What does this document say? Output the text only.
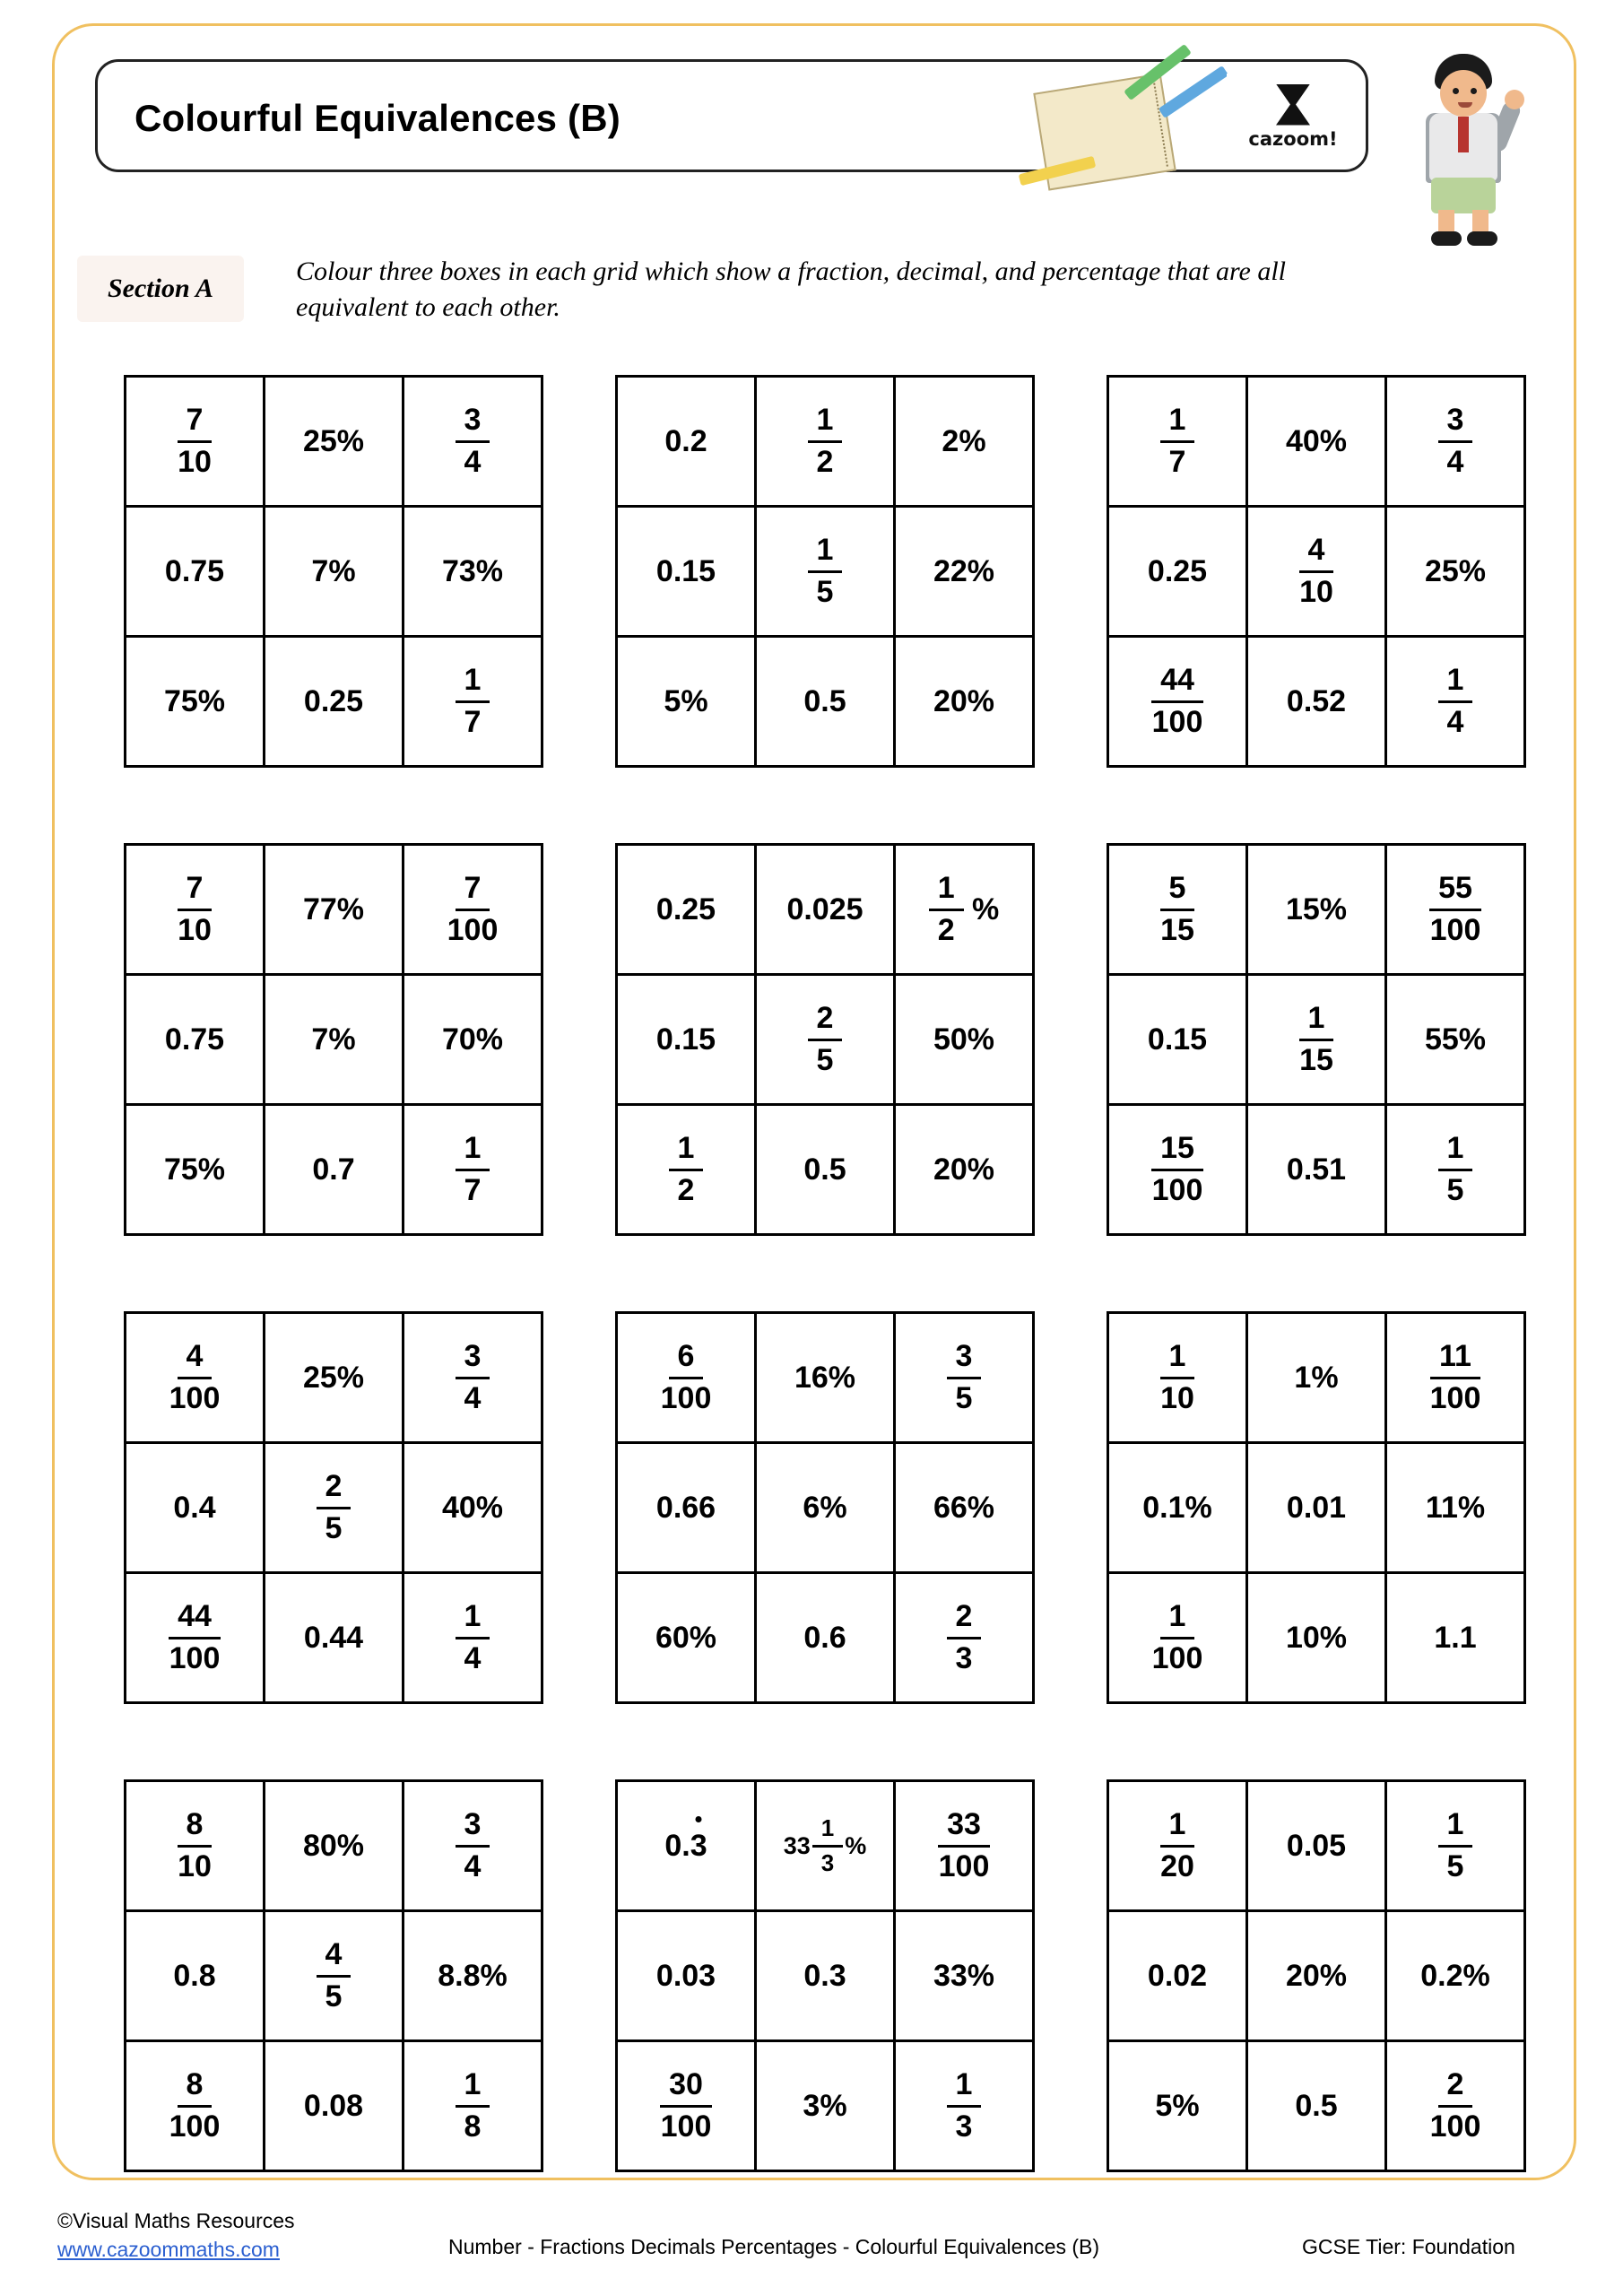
Colourful Equivalences (B)	cazoom!
Section A
Colour three boxes in each grid which show a fraction, decimal, and percentage that are all equivalent to each other.
$\frac{7}{10}$	25%	$\frac{3}{4}$

0.75	7%	73%

75%	0.25	$\frac{1}{7}$
0.2	$\frac{1}{2}$	2%

0.15	$\frac{1}{5}$	22%

5%	0.5	20%
$\frac{1}{7}$	40%	$\frac{3}{4}$

0.25	$\frac{4}{10}$	25%

$\frac{44}{100}$	0.52	$\frac{1}{4}$
$\frac{7}{10}$	77%	$\frac{7}{100}$

0.75	7%	70%

75%	0.7	$\frac{1}{7}$
0.25	0.025	$\frac{1}{2}$ %

0.15	$\frac{2}{5}$	50%

$\frac{1}{2}$	0.5	20%
$\frac{5}{15}$	15%	$\frac{55}{100}$

0.15	$\frac{1}{15}$	55%

$\frac{15}{100}$	0.51	$\frac{1}{5}$
$\frac{4}{100}$	25%	$\frac{3}{4}$

0.4	$\frac{2}{5}$	40%

$\frac{44}{100}$	0.44	$\frac{1}{4}$
$\frac{6}{100}$	16%	$\frac{3}{5}$

0.66	6%	66%

60%	0.6	$\frac{2}{3}$
$\frac{1}{10}$	1%	$\frac{11}{100}$

0.1%	0.01	11%

$\frac{1}{100}$	10%	1.1
$\frac{8}{10}$	80%	$\frac{3}{4}$

0.8	$\frac{4}{5}$	8.8%

$\frac{8}{100}$	0.08	$\frac{1}{8}$
0.3	$33 \frac{1}{3}$ %	$\frac{33}{100}$

0.03	0.3	33%

$\frac{30}{100}$	3%	$\frac{1}{3}$
$\frac{1}{20}$	0.05	$\frac{1}{5}$

0.02	20%	0.2%

5%	0.5	$\frac{2}{100}$
©Visual Maths Resources
www.cazoommaths.com	Number - Fractions Decimals Percentages - Colourful Equivalences (B)	GCSE Tier: Foundation
